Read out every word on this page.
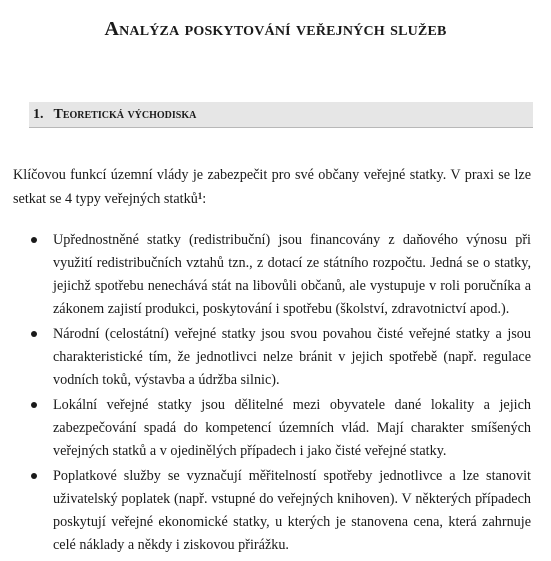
Analýza poskytování veřejných služeb
1. Teoretická východiska

Klíčovou funkcí územní vlády je zabezpečit pro své občany veřejné statky. V praxi se lze setkat se 4 typy veřejných statků$^1$:

Upřednostněné statky (redistribuční) jsou financovány z daňového výnosu při využití redistribučních vztahů tzn., z dotací ze státního rozpočtu. Jedná se o statky, jejichž spotřebu nenechává stát na libovůli občanů, ale vystupuje v roli poručníka a zákonem zajistí produkci, poskytování i spotřebu (školství, zdravotnictví apod.).
Národní (celostátní) veřejné statky jsou svou povahou čisté veřejné statky a jsou charakteristické tím, že jednotlivci nelze bránit v jejich spotřebě (např. regulace vodních toků, výstavba a údržba silnic).
Lokální veřejné statky jsou dělitelné mezi obyvatele dané lokality a jejich zabezpečování spadá do kompetencí územních vlád. Mají charakter smíšených veřejných statků a v ojedinělých případech i jako čisté veřejné statky.
Poplatkové služby se vyznačují měřitelností spotřeby jednotlivce a lze stanovit uživatelský poplatek (např. vstupné do veřejných knihoven). V některých případech poskytují veřejné ekonomické statky, u kterých je stanovena cena, která zahrnuje celé náklady a někdy i ziskovou přirážku.
